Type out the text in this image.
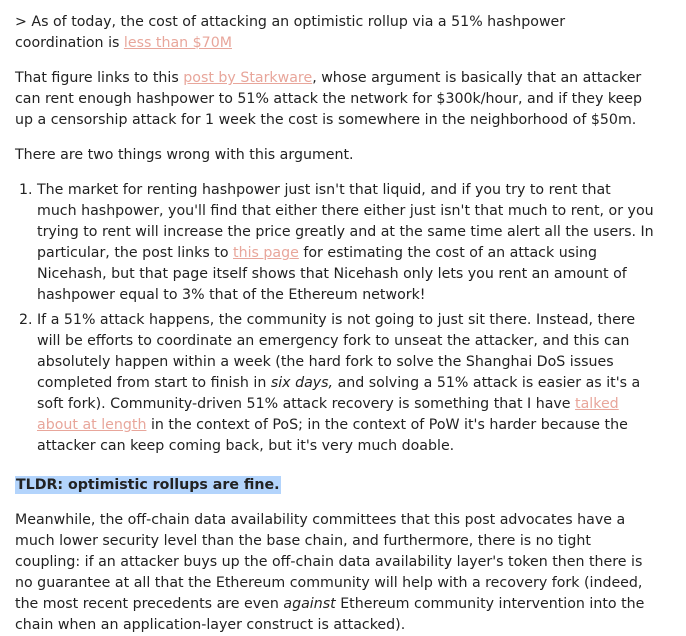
> As of today, the cost of attacking an optimistic rollup via a 51% hashpower coordination is less than $70M

That figure links to this post by Starkware, whose argument is basically that an attacker can rent enough hashpower to 51% attack the network for $300k/hour, and if they keep up a censorship attack for 1 week the cost is somewhere in the neighborhood of $50m.

There are two things wrong with this argument.

1. The market for renting hashpower just isn't that liquid, and if you try to rent that much hashpower, you'll find that either there either just isn't that much to rent, or you trying to rent will increase the price greatly and at the same time alert all the users. In particular, the post links to this page for estimating the cost of an attack using Nicehash, but that page itself shows that Nicehash only lets you rent an amount of hashpower equal to 3% that of the Ethereum network!
2. If a 51% attack happens, the community is not going to just sit there. Instead, there will be efforts to coordinate an emergency fork to unseat the attacker, and this can absolutely happen within a week (the hard fork to solve the Shanghai DoS issues completed from start to finish in six days, and solving a 51% attack is easier as it's a soft fork). Community-driven 51% attack recovery is something that I have talked about at length in the context of PoS; in the context of PoW it's harder because the attacker can keep coming back, but it's very much doable.

TLDR: optimistic rollups are fine.

Meanwhile, the off-chain data availability committees that this post advocates have a much lower security level than the base chain, and furthermore, there is no tight coupling: if an attacker buys up the off-chain data availability layer's token then there is no guarantee at all that the Ethereum community will help with a recovery fork (indeed, the most recent precedents are even against Ethereum community intervention into the chain when an application-layer construct is attacked).
